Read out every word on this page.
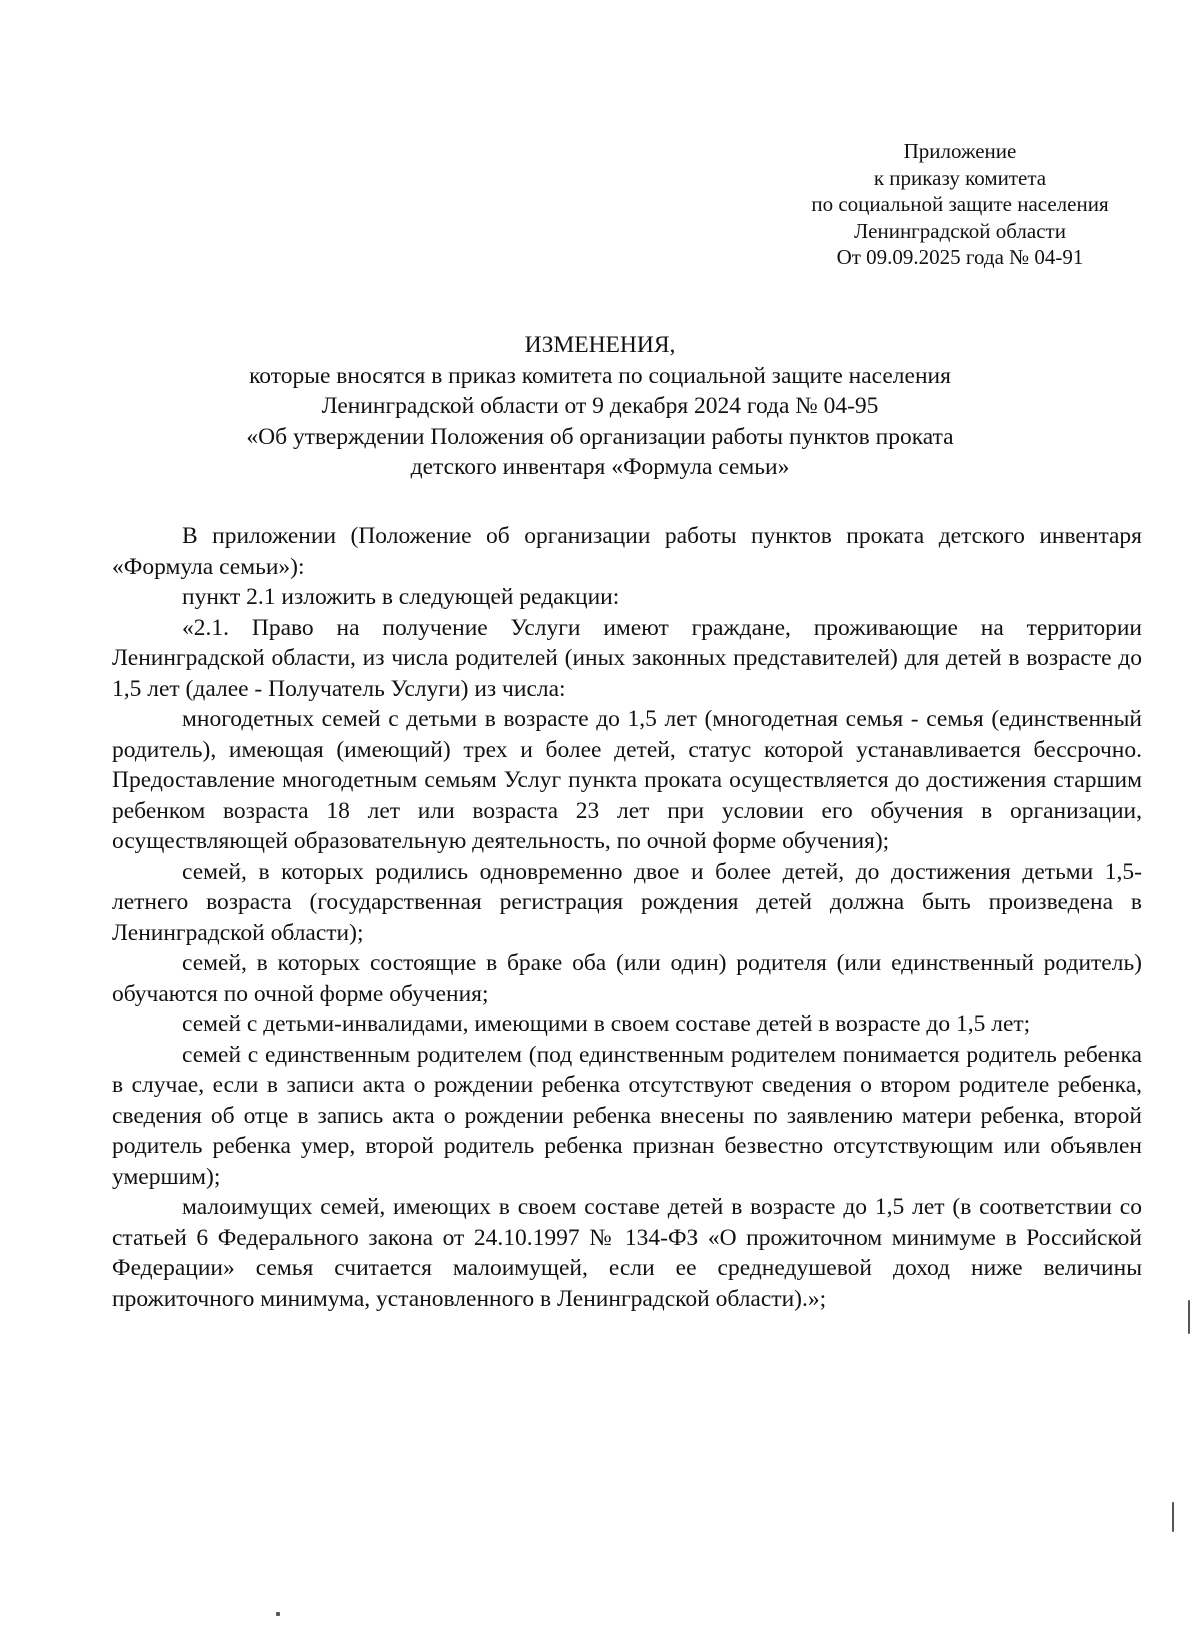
Приложение
к приказу комитета
по социальной защите населения
Ленинградской области
От 09.09.2025 года № 04-91
ИЗМЕНЕНИЯ,
которые вносятся в приказ комитета по социальной защите населения
Ленинградской области от 9 декабря 2024 года № 04-95
«Об утверждении Положения об организации работы пунктов проката
детского инвентаря «Формула семьи»

В приложении (Положение об организации работы пунктов проката детского инвентаря «Формула семьи»):

пункт 2.1 изложить в следующей редакции:

«2.1. Право на получение Услуги имеют граждане, проживающие на территории Ленинградской области, из числа родителей (иных законных представителей) для детей в возрасте до 1,5 лет (далее - Получатель Услуги) из числа:

многодетных семей с детьми в возрасте до 1,5 лет (многодетная семья - семья (единственный родитель), имеющая (имеющий) трех и более детей, статус которой устанавливается бессрочно. Предоставление многодетным семьям Услуг пункта проката осуществляется до достижения старшим ребенком возраста 18 лет или возраста 23 лет при условии его обучения в организации, осуществляющей образовательную деятельность, по очной форме обучения);

семей, в которых родились одновременно двое и более детей, до достижения детьми 1,5-летнего возраста (государственная регистрация рождения детей должна быть произведена в Ленинградской области);

семей, в которых состоящие в браке оба (или один) родителя (или единственный родитель) обучаются по очной форме обучения;

семей с детьми-инвалидами, имеющими в своем составе детей в возрасте до 1,5 лет;

семей с единственным родителем (под единственным родителем понимается родитель ребенка в случае, если в записи акта о рождении ребенка отсутствуют сведения о втором родителе ребенка, сведения об отце в запись акта о рождении ребенка внесены по заявлению матери ребенка, второй родитель ребенка умер, второй родитель ребенка признан безвестно отсутствующим или объявлен умершим);

малоимущих семей, имеющих в своем составе детей в возрасте до 1,5 лет (в соответствии со статьей 6 Федерального закона от 24.10.1997 № 134-ФЗ «О прожиточном минимуме в Российской Федерации» семья считается малоимущей, если ее среднедушевой доход ниже величины прожиточного минимума, установленного в Ленинградской области).»;
